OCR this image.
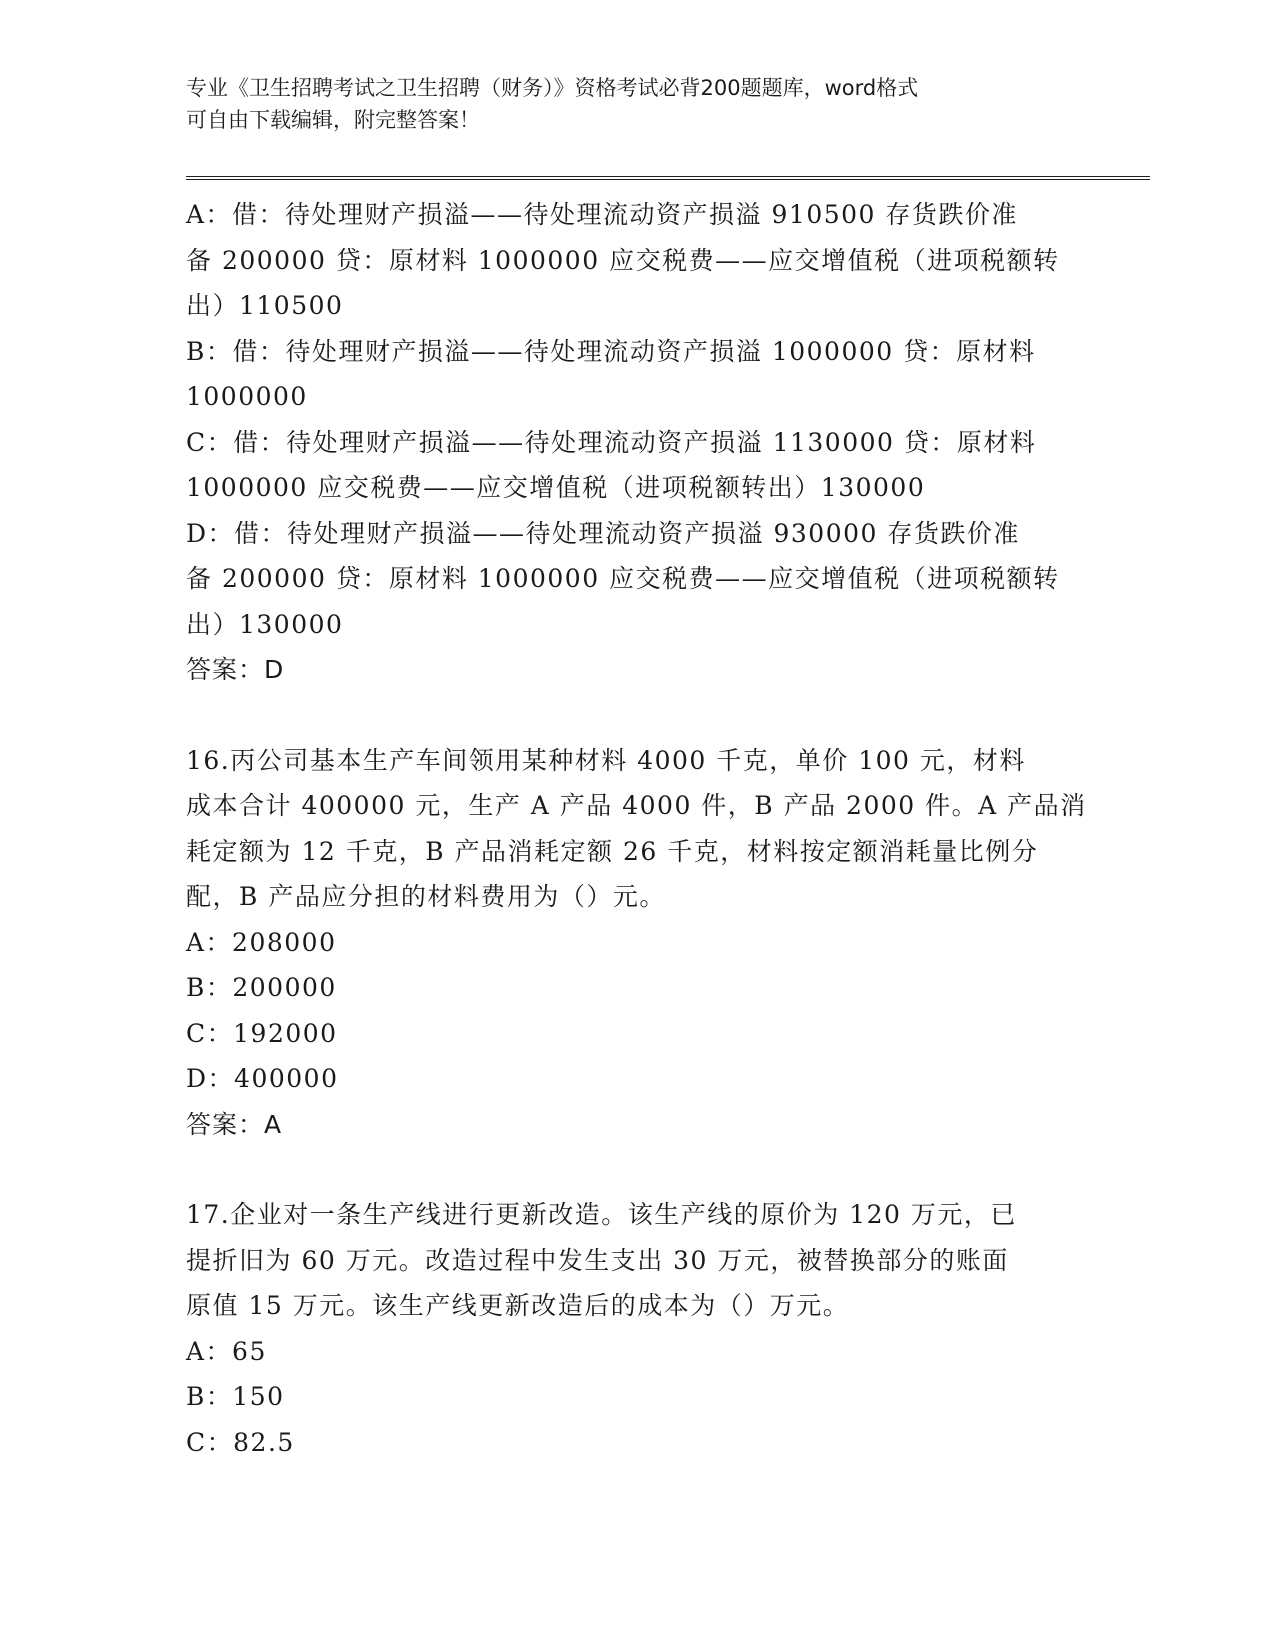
专业《卫生招聘考试之卫生招聘（财务）》资格考试必背200题题库，word格式
可自由下载编辑，附完整答案！
A：借：待处理财产损溢——待处理流动资产损溢 910500 存货跌价准
备 200000 贷：原材料 1000000 应交税费——应交增值税（进项税额转
出）110500
B：借：待处理财产损溢——待处理流动资产损溢 1000000 贷：原材料
1000000
C：借：待处理财产损溢——待处理流动资产损溢 1130000 贷：原材料
1000000 应交税费——应交增值税（进项税额转出）130000
D：借：待处理财产损溢——待处理流动资产损溢 930000 存货跌价准
备 200000 贷：原材料 1000000 应交税费——应交增值税（进项税额转
出）130000
答案：D
16.丙公司基本生产车间领用某种材料 4000 千克，单价 100 元，材料
成本合计 400000 元，生产 A 产品 4000 件，B 产品 2000 件。A 产品消
耗定额为 12 千克，B 产品消耗定额 26 千克，材料按定额消耗量比例分
配，B 产品应分担的材料费用为（）元。
A：208000
B：200000
C：192000
D：400000
答案：A
17.企业对一条生产线进行更新改造。该生产线的原价为 120 万元，已
提折旧为 60 万元。改造过程中发生支出 30 万元，被替换部分的账面
原值 15 万元。该生产线更新改造后的成本为（）万元。
A：65
B：150
C：82.5
